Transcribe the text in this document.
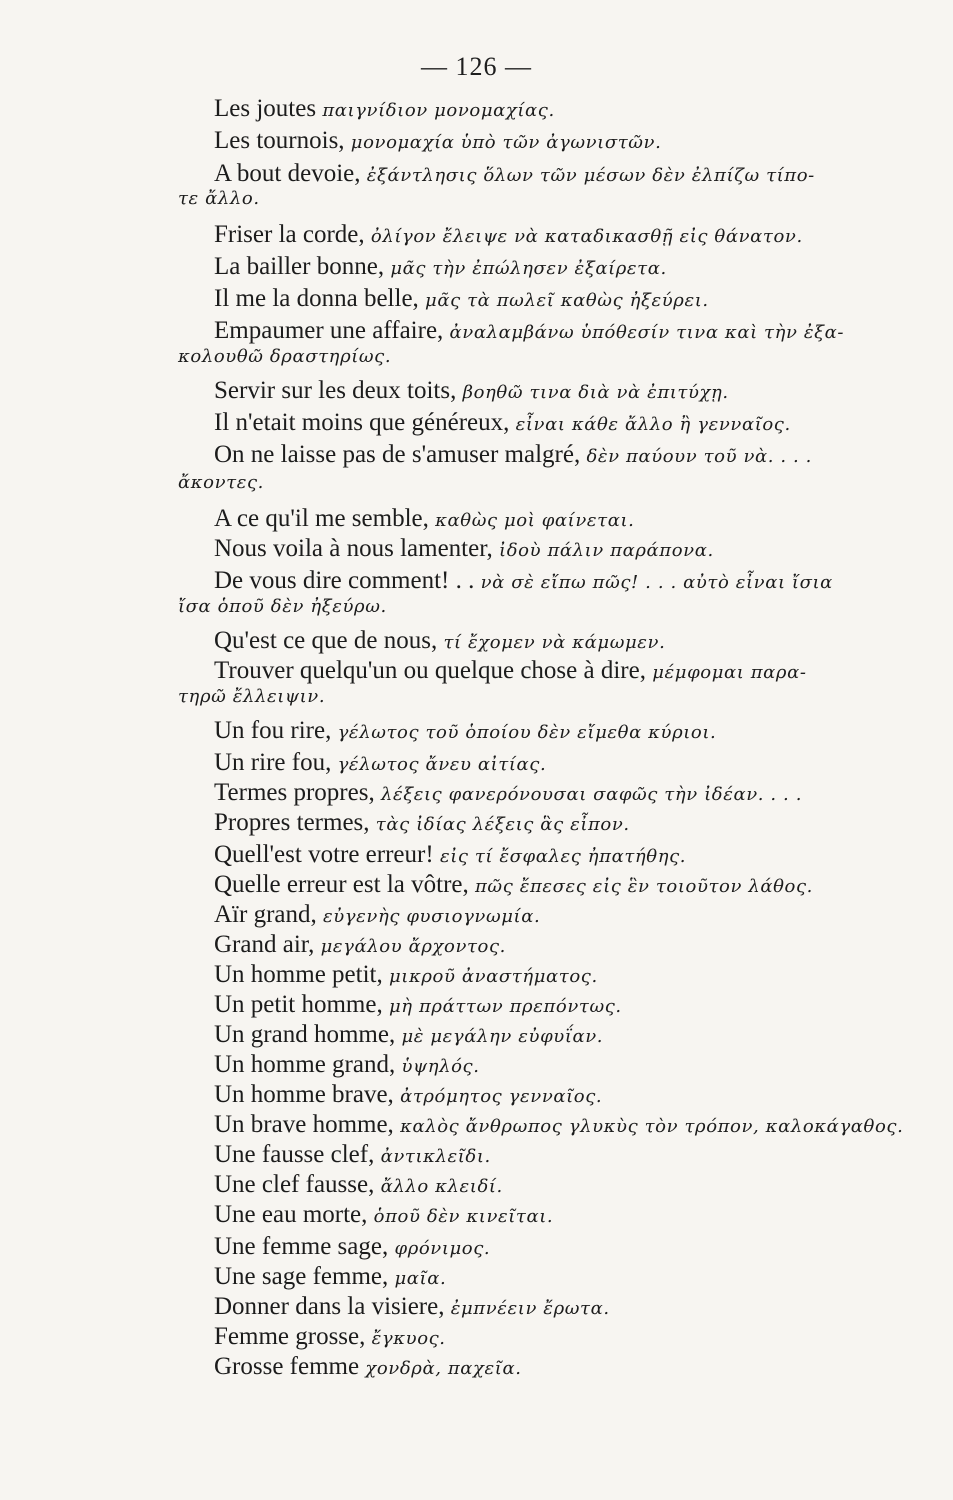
— 126 —
Les joutes παιγνίδιον μονομαχίας.
Les tournois, μονομαχία ὑπὸ τῶν ἀγωνιστῶν.
A bout devoie, ἐξάντλησις ὅλων τῶν μέσων δὲν ἐλπίζω τίπο-
τε ἄλλο.
Friser la corde, ὀλίγον ἔλειψε νὰ καταδικασθῇ εἰς θάνατον.
La bailler bonne, μᾶς τὴν ἐπώλησεν ἐξαίρετα.
Il me la donna belle, μᾶς τὰ πωλεῖ καθὼς ἠξεύρει.
Empaumer une affaire, ἀναλαμβάνω ὑπόθεσίν τινα καὶ τὴν ἐξα-
κολουθῶ δραστηρίως.
Servir sur les deux toits, βοηθῶ τινα διὰ νὰ ἐπιτύχῃ.
Il n'etait moins que généreux, εἶναι κάθε ἄλλο ἢ γενναῖος.
On ne laisse pas de s'amuser malgré, δὲν παύουν τοῦ νὰ. . . .
ἄκοντες.
A ce qu'il me semble, καθὼς μοὶ φαίνεται.
Nous voila à nous lamenter, ἰδοὺ πάλιν παράπονα.
De vous dire comment! . . νὰ σὲ εἴπω πῶς! . . . αὐτὸ εἶναι ἴσια
ἴσα ὁποῦ δὲν ἠξεύρω.
Qu'est ce que de nous, τί ἔχομεν νὰ κάμωμεν.
Trouver quelqu'un ou quelque chose à dire, μέμφομαι παρα-
τηρῶ ἔλλειψιν.
Un fou rire, γέλωτος τοῦ ὁποίου δὲν εἴμεθα κύριοι.
Un rire fou, γέλωτος ἄνευ αἰτίας.
Termes propres, λέξεις φανερόνουσαι σαφῶς τὴν ἰδέαν. . . .
Propres termes, τὰς ἰδίας λέξεις ἃς εἶπον.
Quell'est votre erreur! εἰς τί ἔσφαλες ἠπατήθης.
Quelle erreur est la vôtre, πῶς ἔπεσες εἰς ἓν τοιοῦτον λάθος.
Aïr grand, εὐγενὴς φυσιογνωμία.
Grand air, μεγάλου ἄρχοντος.
Un homme petit, μικροῦ ἀναστήματος.
Un petit homme, μὴ πράττων πρεπόντως.
Un grand homme, μὲ μεγάλην εὐφυΐαν.
Un homme grand, ὑψηλός.
Un homme brave, ἀτρόμητος γενναῖος.
Un brave homme, καλὸς ἄνθρωπος γλυκὺς τὸν τρόπον, καλοκάγαθος.
Une fausse clef, ἀντικλεῖδι.
Une clef fausse, ἄλλο κλειδί.
Une eau morte, ὁποῦ δὲν κινεῖται.
Une femme sage, φρόνιμος.
Une sage femme, μαῖα.
Donner dans la visiere, ἐμπνέειν ἔρωτα.
Femme grosse, ἔγκυος.
Grosse femme χονδρὰ, παχεῖα.
